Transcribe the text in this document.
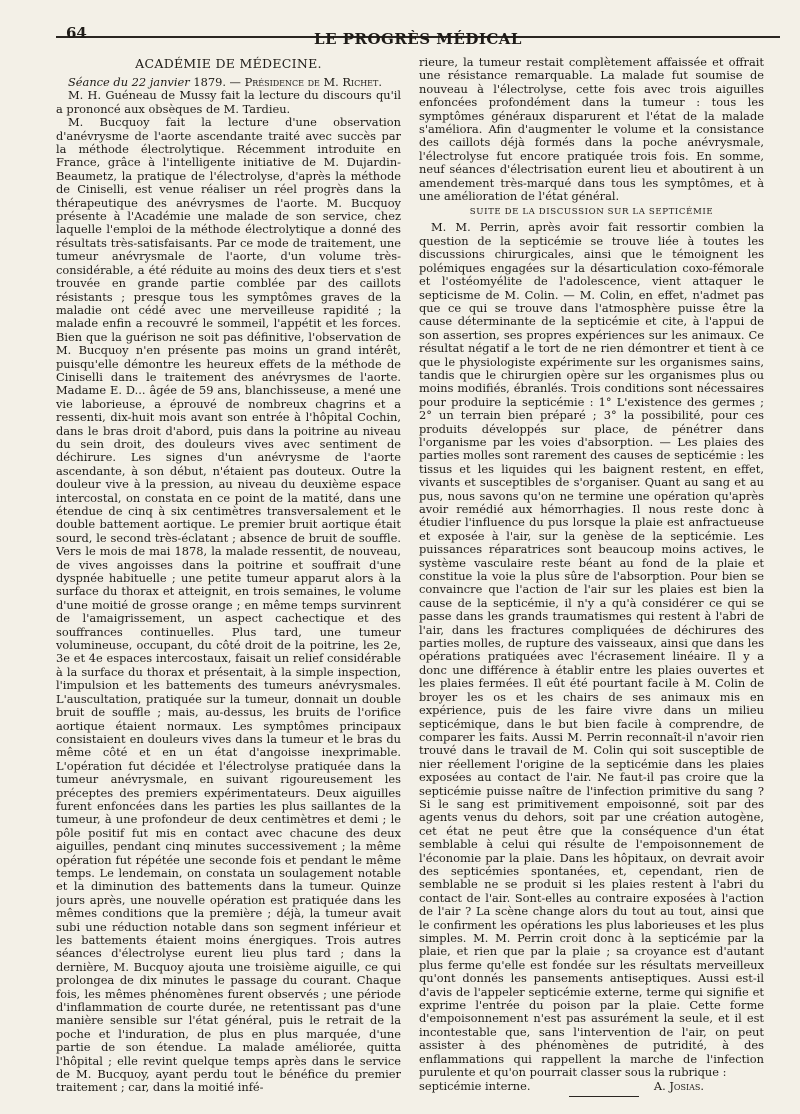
64	LE PROGRÈS MÉDICAL
ACADÉMIE DE MÉDECINE.

Séance du 22 janvier 1879. — Présidence de M. Richet.

M. H. Guéneau de Mussy fait la lecture du discours qu'il a prononcé aux obsèques de M. Tardieu.

M. Bucquoy fait la lecture d'une observation d'anévrysme de l'aorte ascendante traité avec succès par la méthode électrolytique. Récemment introduite en France, grâce à l'intelligente initiative de M. Dujardin-Beaumetz, la pratique de l'électrolyse, d'après la méthode de Ciniselli, est venue réaliser un réel progrès dans la thérapeutique des anévrysmes de l'aorte. M. Bucquoy présente à l'Académie une malade de son service, chez laquelle l'emploi de la méthode électrolytique a donné des résultats très-satisfaisants. Par ce mode de traitement, une tumeur anévrysmale de l'aorte, d'un volume très-considérable, a été réduite au moins des deux tiers et s'est trouvée en grande partie comblée par des caillots résistants ; presque tous les symptômes graves de la maladie ont cédé avec une merveilleuse rapidité ; la malade enfin a recouvré le sommeil, l'appétit et les forces. Bien que la guérison ne soit pas définitive, l'observation de M. Bucquoy n'en présente pas moins un grand intérêt, puisqu'elle démontre les heureux effets de la méthode de Ciniselli dans le traitement des anévrysmes de l'aorte. Madame E. D... âgée de 59 ans, blanchisseuse, a mené une vie laborieuse, a éprouvé de nombreux chagrins et a ressenti, dix-huit mois avant son entrée à l'hôpital Cochin, dans le bras droit d'abord, puis dans la poitrine au niveau du sein droit, des douleurs vives avec sentiment de déchirure. Les signes d'un anévrysme de l'aorte ascendante, à son début, n'étaient pas douteux. Outre la douleur vive à la pression, au niveau du deuxième espace intercostal, on constata en ce point de la matité, dans une étendue de cinq à six centimètres transversalement et le double battement aortique. Le premier bruit aortique était sourd, le second très-éclatant ; absence de bruit de souffle. Vers le mois de mai 1878, la malade ressentit, de nouveau, de vives angoisses dans la poitrine et souffrait d'une dyspnée habituelle ; une petite tumeur apparut alors à la surface du thorax et atteignit, en trois semaines, le volume d'une moitié de grosse orange ; en même temps survinrent de l'amaigrissement, un aspect cachectique et des souffrances continuelles. Plus tard, une tumeur volumineuse, occupant, du côté droit de la poitrine, les 2e, 3e et 4e espaces intercostaux, faisait un relief considérable à la surface du thorax et présentait, à la simple inspection, l'impulsion et les battements des tumeurs anévrysmales. L'auscultation, pratiquée sur la tumeur, donnait un double bruit de souffle ; mais, au-dessus, les bruits de l'orifice aortique étaient normaux. Les symptômes principaux consistaient en douleurs vives dans la tumeur et le bras du même côté et en un état d'angoisse inexprimable. L'opération fut décidée et l'électrolyse pratiquée dans la tumeur anévrysmale, en suivant rigoureusement les préceptes des premiers expérimentateurs. Deux aiguilles furent enfoncées dans les parties les plus saillantes de la tumeur, à une profondeur de deux centimètres et demi ; le pôle positif fut mis en contact avec chacune des deux aiguilles, pendant cinq minutes successivement ; la même opération fut répétée une seconde fois et pendant le même temps. Le lendemain, on constata un soulagement notable et la diminution des battements dans la tumeur. Quinze jours après, une nouvelle opération est pratiquée dans les mêmes conditions que la première ; déjà, la tumeur avait subi une réduction notable dans son segment inférieur et les battements étaient moins énergiques. Trois autres séances d'électrolyse eurent lieu plus tard ; dans la dernière, M. Bucquoy ajouta une troisième aiguille, ce qui prolongea de dix minutes le passage du courant. Chaque fois, les mêmes phénomènes furent observés ; une période d'inflammation de courte durée, ne retentissant pas d'une manière sensible sur l'état général, puis le retrait de la poche et l'induration, de plus en plus marquée, d'une partie de son étendue. La malade améliorée, quitta l'hôpital ; elle revint quelque temps après dans le service de M. Bucquoy, ayant perdu tout le bénéfice du premier traitement ; car, dans la moitié infé-

rieure, la tumeur restait complètement affaissée et offrait une résistance remarquable. La malade fut soumise de nouveau à l'électrolyse, cette fois avec trois aiguilles enfoncées profondément dans la tumeur : tous les symptômes généraux disparurent et l'état de la malade s'améliora. Afin d'augmenter le volume et la consistance des caillots déjà formés dans la poche anévrysmale, l'électrolyse fut encore pratiquée trois fois. En somme, neuf séances d'électrisation eurent lieu et aboutirent à un amendement très-marqué dans tous les symptômes, et à une amélioration de l'état général.

SUITE DE LA DISCUSSION SUR LA SEPTICÉMIE

M. M. Perrin, après avoir fait ressortir combien la question de la septicémie se trouve liée à toutes les discussions chirurgicales, ainsi que le témoignent les polémiques engagées sur la désarticulation coxo-fémorale et l'ostéomyélite de l'adolescence, vient attaquer le septicisme de M. Colin. — M. Colin, en effet, n'admet pas que ce qui se trouve dans l'atmosphère puisse être la cause déterminante de la septicémie et cite, à l'appui de son assertion, ses propres expériences sur les animaux. Ce résultat négatif a le tort de ne rien démontrer et tient à ce que le physiologiste expérimente sur les organismes sains, tandis que le chirurgien opère sur les organismes plus ou moins modifiés, ébranlés. Trois conditions sont nécessaires pour produire la septicémie : 1° L'existence des germes ; 2° un terrain bien préparé ; 3° la possibilité, pour ces produits développés sur place, de pénétrer dans l'organisme par les voies d'absorption. — Les plaies des parties molles sont rarement des causes de septicémie : les tissus et les liquides qui les baignent restent, en effet, vivants et susceptibles de s'organiser. Quant au sang et au pus, nous savons qu'on ne termine une opération qu'après avoir remédié aux hémorrhagies. Il nous reste donc à étudier l'influence du pus lorsque la plaie est anfractueuse et exposée à l'air, sur la genèse de la septicémie. Les puissances réparatrices sont beaucoup moins actives, le système vasculaire reste béant au fond de la plaie et constitue la voie la plus sûre de l'absorption. Pour bien se convaincre que l'action de l'air sur les plaies est bien la cause de la septicémie, il n'y a qu'à considérer ce qui se passe dans les grands traumatismes qui restent à l'abri de l'air, dans les fractures compliquées de déchirures des parties molles, de rupture des vaisseaux, ainsi que dans les opérations pratiquées avec l'écrasement linéaire. Il y a donc une différence à établir entre les plaies ouvertes et les plaies fermées. Il eût été pourtant facile à M. Colin de broyer les os et les chairs de ses animaux mis en expérience, puis de les faire vivre dans un milieu septicémique, dans le but bien facile à comprendre, de comparer les faits. Aussi M. Perrin reconnaît-il n'avoir rien trouvé dans le travail de M. Colin qui soit susceptible de nier réellement l'origine de la septicémie dans les plaies exposées au contact de l'air. Ne faut-il pas croire que la septicémie puisse naître de l'infection primitive du sang ? Si le sang est primitivement empoisonné, soit par des agents venus du dehors, soit par une création autogène, cet état ne peut être que la conséquence d'un état semblable à celui qui résulte de l'empoisonnement de l'économie par la plaie. Dans les hôpitaux, on devrait avoir des septicémies spontanées, et, cependant, rien de semblable ne se produit si les plaies restent à l'abri du contact de l'air. Sont-elles au contraire exposées à l'action de l'air ? La scène change alors du tout au tout, ainsi que le confirment les opérations les plus laborieuses et les plus simples. M. M. Perrin croit donc à la septicémie par la plaie, et rien que par la plaie ; sa croyance est d'autant plus ferme qu'elle est fondée sur les résultats merveilleux qu'ont donnés les pansements antiseptiques. Aussi est-il d'avis de l'appeler septicémie externe, terme qui signifie et exprime l'entrée du poison par la plaie. Cette forme d'empoisonnement n'est pas assurément la seule, et il est incontestable que, sans l'intervention de l'air, on peut assister à des phénomènes de putridité, à des enflammations qui rappellent la marche de l'infection purulente et qu'on pourrait classer sous la rubrique :

septicémie interne.	A. Josias.
